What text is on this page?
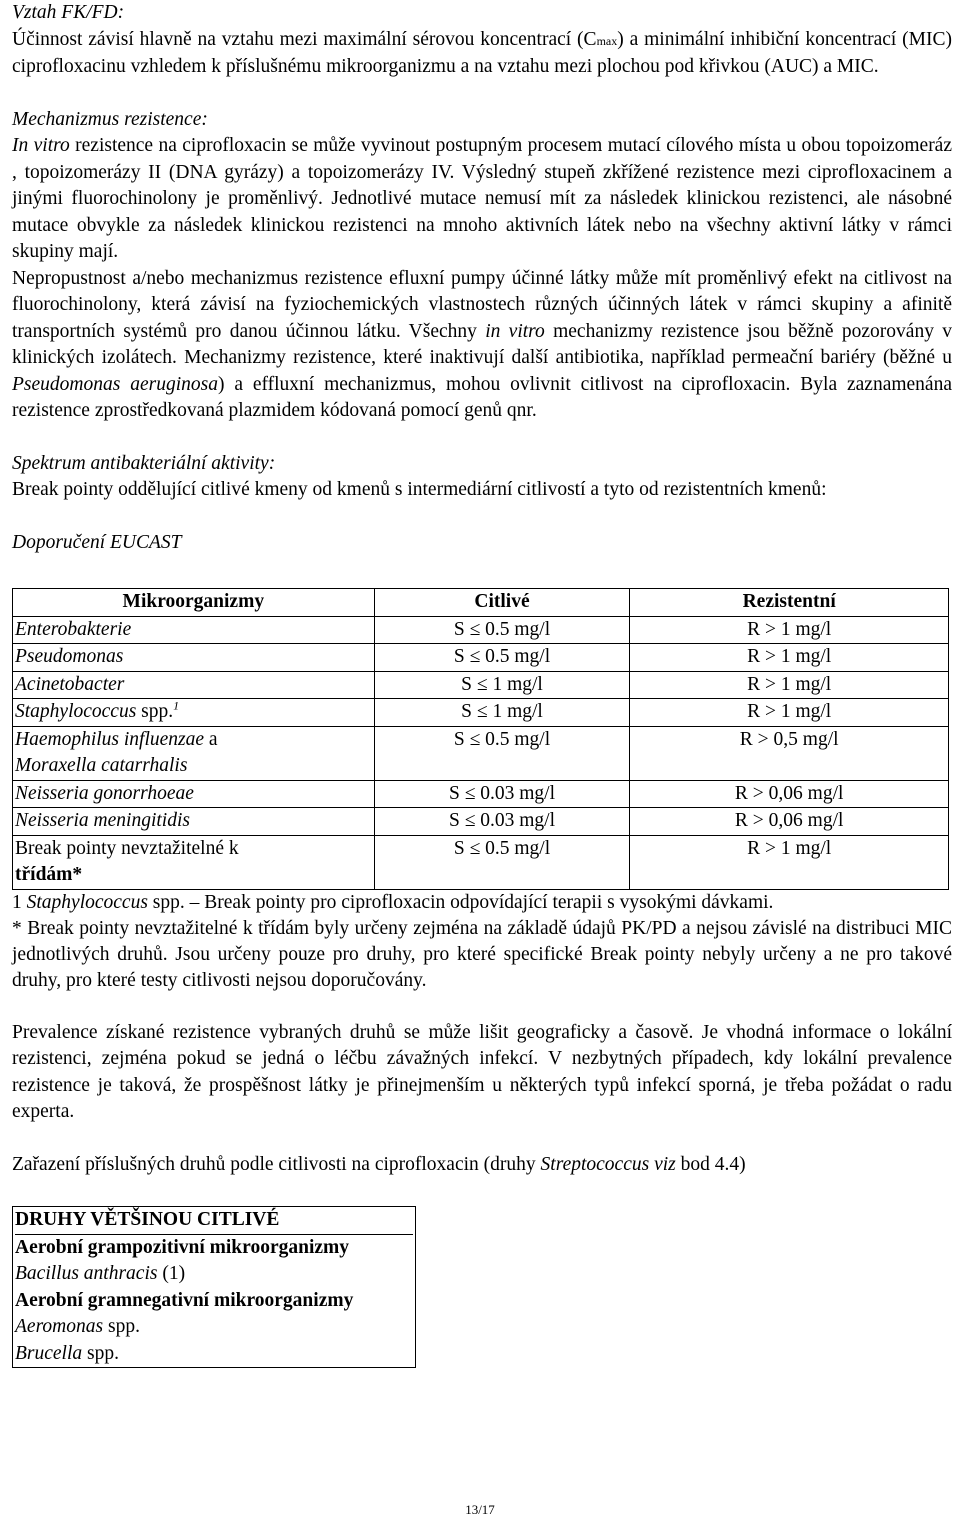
Vztah FK/FD:

Účinnost závisí hlavně na vztahu mezi maximální sérovou koncentrací (Cmax) a minimální inhibiční koncentrací (MIC) ciprofloxacinu vzhledem k příslušnému mikroorganizmu a na vztahu mezi plochou pod křivkou (AUC) a MIC.

Mechanizmus rezistence:

In vitro rezistence na ciprofloxacin se může vyvinout postupným procesem mutací cílového místa u obou topoizomeráz , topoizomerázy II (DNA gyrázy) a topoizomerázy IV. Výsledný stupeň zkřížené rezistence mezi ciprofloxacinem a jinými fluorochinolony je proměnlivý. Jednotlivé mutace nemusí mít za následek klinickou rezistenci, ale násobné mutace obvykle za následek klinickou rezistenci na mnoho aktivních látek nebo na všechny aktivní látky v rámci skupiny mají.

Nepropustnost a/nebo mechanizmus rezistence efluxní pumpy účinné látky může mít proměnlivý efekt na citlivost na fluorochinolony, která závisí na fyziochemických vlastnostech různých účinných látek v rámci skupiny a afinitě transportních systémů pro danou účinnou látku. Všechny in vitro mechanizmy rezistence jsou běžně pozorovány v klinických izolátech. Mechanizmy rezistence, které inaktivují další antibiotika, například permeační bariéry (běžné u Pseudomonas aeruginosa) a effluxní mechanizmus, mohou ovlivnit citlivost na ciprofloxacin. Byla zaznamenána rezistence zprostředkovaná plazmidem kódovaná pomocí genů qnr.

Spektrum antibakteriální aktivity:

Break pointy oddělující citlivé kmeny od kmenů s intermediární citlivostí a tyto od rezistentních kmenů:

Doporučení EUCAST

Mikroorganizmy	Citlivé	Rezistentní
Enterobakterie	S ≤ 0.5 mg/l	R > 1 mg/l
Pseudomonas	S ≤ 0.5 mg/l	R > 1 mg/l
Acinetobacter	S ≤ 1 mg/l	R > 1 mg/l
Staphylococcus spp.$^1$	S ≤ 1 mg/l	R > 1 mg/l
Haemophilus influenzae a
Moraxella catarrhalis	S ≤ 0.5 mg/l	R > 0,5 mg/l
Neisseria gonorrhoeae	S ≤ 0.03 mg/l	R > 0,06 mg/l
Neisseria meningitidis	S ≤ 0.03 mg/l	R > 0,06 mg/l
Break pointy nevztažitelné k
třídám*	S ≤ 0.5 mg/l	R > 1 mg/l

1 Staphylococcus spp. – Break pointy pro ciprofloxacin odpovídající terapii s vysokými dávkami.

* Break pointy nevztažitelné k třídám byly určeny zejména na základě údajů PK/PD a nejsou závislé na distribuci MIC jednotlivých druhů. Jsou určeny pouze pro druhy, pro které specifické Break pointy nebyly určeny a ne pro takové druhy, pro které testy citlivosti nejsou doporučovány.

Prevalence získané rezistence vybraných druhů se může lišit geograficky a časově. Je vhodná informace o lokální rezistenci, zejména pokud se jedná o léčbu závažných infekcí. V nezbytných případech, kdy lokální prevalence rezistence je taková, že prospěšnost látky je přinejmenším u některých typů infekcí sporná, je třeba požádat o radu experta.

Zařazení příslušných druhů podle citlivosti na ciprofloxacin (druhy Streptococcus viz bod 4.4)

DRUHY VĚTŠINOU CITLIVÉ
Aerobní grampozitivní mikroorganizmy
Bacillus anthracis (1)
Aerobní gramnegativní mikroorganizmy
Aeromonas spp.
Brucella spp.
13/17
